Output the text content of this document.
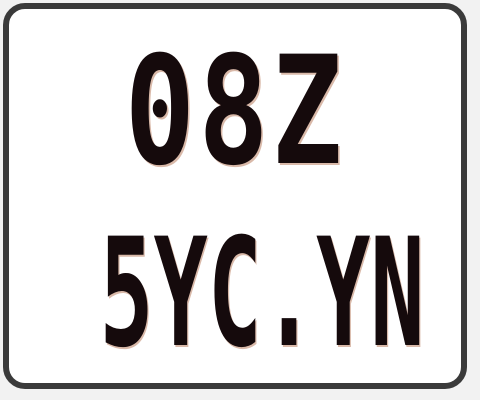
08Z
5YC.YN
